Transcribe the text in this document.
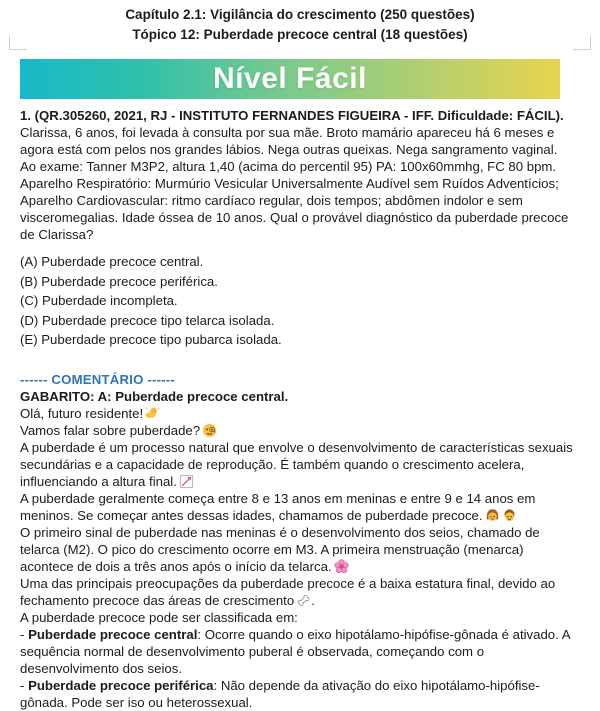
Capítulo 2.1: Vigilância do crescimento (250 questões)
Tópico 12: Puberdade precoce central (18 questões)
Nível Fácil

1. (QR.305260, 2021, RJ - INSTITUTO FERNANDES FIGUEIRA - IFF. Dificuldade: FÁCIL). Clarissa, 6 anos, foi levada à consulta por sua mãe. Broto mamário apareceu há 6 meses e agora está com pelos nos grandes lábios. Nega outras queixas. Nega sangramento vaginal. Ao exame: Tanner M3P2, altura 1,40 (acima do percentil 95) PA: 100x60mmhg, FC 80 bpm. Aparelho Respiratório: Murmúrio Vesicular Universalmente Audível sem Ruídos Adventícios; Aparelho Cardiovascular: ritmo cardíaco regular, dois tempos; abdômen indolor e sem visceromegalias. Idade óssea de 10 anos. Qual o provável diagnóstico da puberdade precoce de Clarissa?

(A) Puberdade precoce central.
(B) Puberdade precoce periférica.
(C) Puberdade incompleta.
(D) Puberdade precoce tipo telarca isolada.
(E) Puberdade precoce tipo pubarca isolada.
------ COMENTÁRIO ------

GABARITO: A: Puberdade precoce central.

Olá, futuro residente!

Vamos falar sobre puberdade?

A puberdade é um processo natural que envolve o desenvolvimento de características sexuais secundárias e a capacidade de reprodução. É também quando o crescimento acelera, influenciando a altura final.

A puberdade geralmente começa entre 8 e 13 anos em meninas e entre 9 e 14 anos em meninos. Se começar antes dessas idades, chamamos de puberdade precoce.

O primeiro sinal de puberdade nas meninas é o desenvolvimento dos seios, chamado de telarca (M2). O pico do crescimento ocorre em M3. A primeira menstruação (menarca) acontece de dois a três anos após o início da telarca.

Uma das principais preocupações da puberdade precoce é a baixa estatura final, devido ao fechamento precoce das áreas de crescimento .

A puberdade precoce pode ser classificada em:

- Puberdade precoce central: Ocorre quando o eixo hipotálamo-hipófise-gônada é ativado. A sequência normal de desenvolvimento puberal é observada, começando com o desenvolvimento dos seios.

- Puberdade precoce periférica: Não depende da ativação do eixo hipotálamo-hipófise-gônada. Pode ser iso ou heterossexual.
